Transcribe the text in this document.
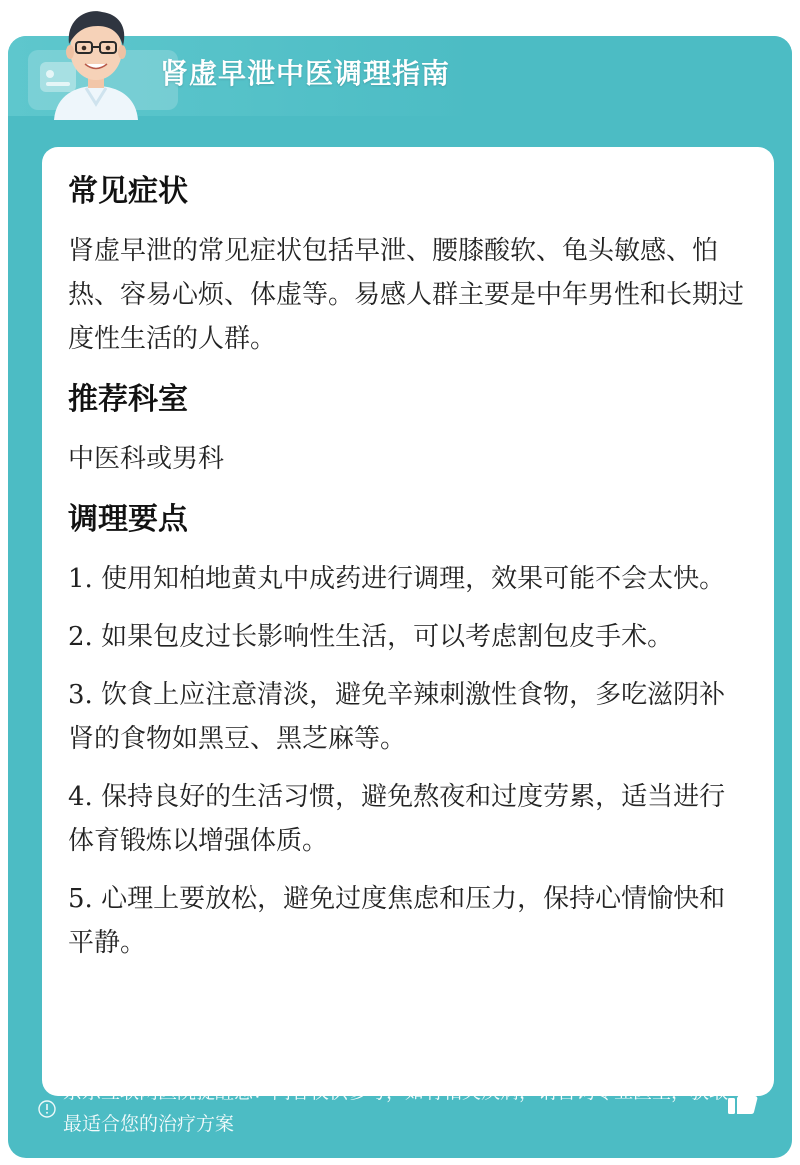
肾虚早泄中医调理指南
常见症状
肾虚早泄的常见症状包括早泄、腰膝酸软、龟头敏感、怕热、容易心烦、体虚等。易感人群主要是中年男性和长期过度性生活的人群。
推荐科室
中医科或男科
调理要点
1. 使用知柏地黄丸中成药进行调理，效果可能不会太快。
2. 如果包皮过长影响性生活，可以考虑割包皮手术。
3. 饮食上应注意清淡，避免辛辣刺激性食物，多吃滋阴补肾的食物如黑豆、黑芝麻等。
4. 保持良好的生活习惯，避免熬夜和过度劳累，适当进行体育锻炼以增强体质。
5. 心理上要放松，避免过度焦虑和压力，保持心情愉快和平静。
京东互联网医院提醒您：内容仅供参考，如有相关疾病，请咨询专业医生，获取最适合您的治疗方案
